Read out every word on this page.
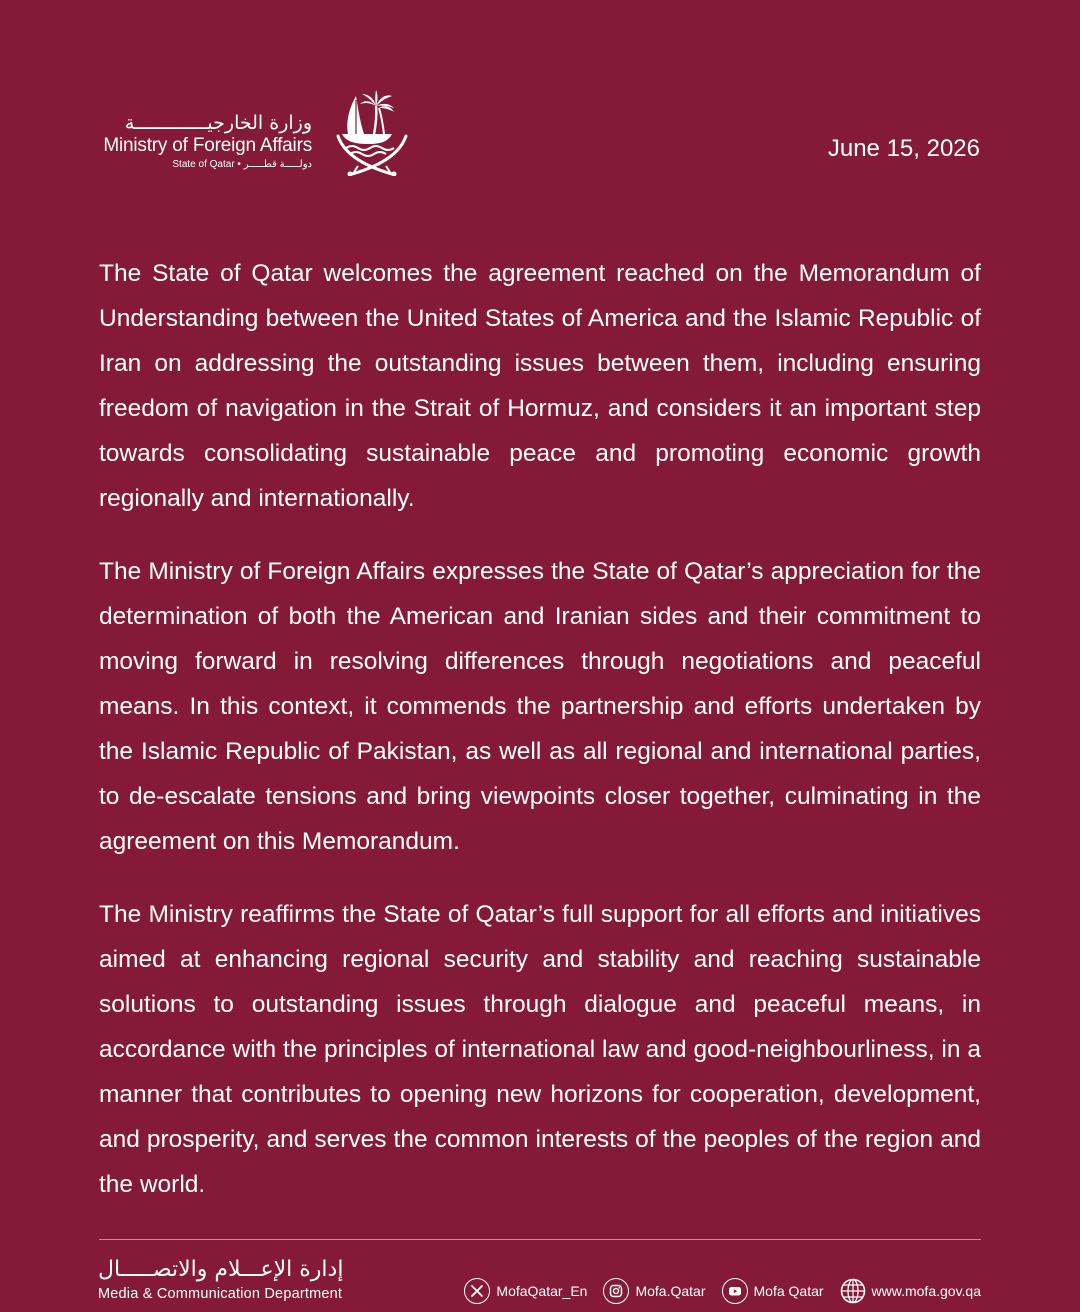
وزارة الخارجيـــــــــــــة
Ministry of Foreign Affairs
State of Qatar • دولـــــة قطـــــر
June 15, 2026

The State of Qatar welcomes the agreement reached on the Memorandum of Understanding between the United States of America and the Islamic Republic of Iran on addressing the outstanding issues between them, including ensuring freedom of navigation in the Strait of Hormuz, and considers it an important step towards consolidating sustainable peace and promoting economic growth regionally and internationally.

The Ministry of Foreign Affairs expresses the State of Qatar’s appreciation for the determination of both the American and Iranian sides and their commitment to moving forward in resolving differences through negotiations and peaceful means. In this context, it commends the partnership and efforts undertaken by the Islamic Republic of Pakistan, as well as all regional and international parties, to de-escalate tensions and bring viewpoints closer together, culminating in the agreement on this Memorandum.

The Ministry reaffirms the State of Qatar’s full support for all efforts and initiatives aimed at enhancing regional security and stability and reaching sustainable solutions to outstanding issues through dialogue and peaceful means, in accordance with the principles of international law and good-neighbourliness, in a manner that contributes to opening new horizons for cooperation, development, and prosperity, and serves the common interests of the peoples of the region and the world.

إدارة الإعـــلام والاتصـــــال
Media & Communication Department	MofaQatar_En	Mofa.Qatar	Mofa Qatar	www.mofa.gov.qa
